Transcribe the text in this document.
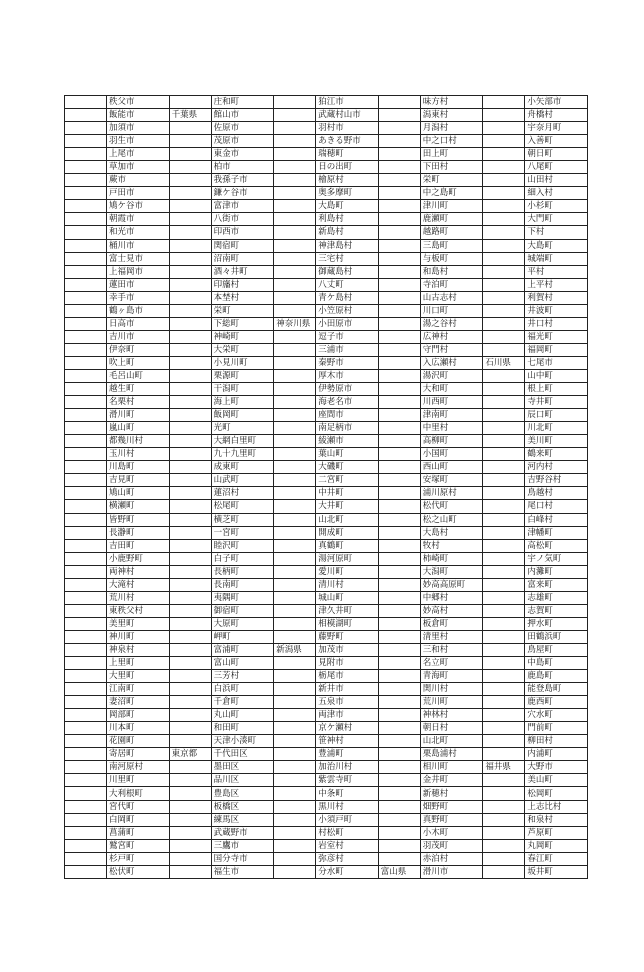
	秩父市		庄和町		狛江市		味方村		小矢部市
	飯能市	千葉県	館山市		武蔵村山市		潟東村		舟橋村
	加須市		佐原市		羽村市		月潟村		宇奈月町
	羽生市		茂原市		あきる野市		中之口村		入善町
	上尾市		東金市		瑞穂町		田上町		朝日町
	草加市		柏市		日の出町		下田村		八尾町
	蕨市		我孫子市		檜原村		栄町		山田村
	戸田市		鎌ケ谷市		奥多摩町		中之島町		細入村
	鳩ケ谷市		富津市		大島町		津川町		小杉町
	朝霞市		八街市		利島村		鹿瀬町		大門町
	和光市		印西市		新島村		越路町		下村
	桶川市		関宿町		神津島村		三島町		大島町
	富士見市		沼南町		三宅村		与板町		城端町
	上福岡市		酒々井町		御蔵島村		和島村		平村
	蓮田市		印旛村		八丈町		寺泊町		上平村
	幸手市		本埜村		青ケ島村		山古志村		利賀村
	鶴ヶ島市		栄町		小笠原村		川口町		井波町
	日高市		下総町	神奈川県	小田原市		湯之谷村		井口村
	吉川市		神崎町		逗子市		広神村		福光町
	伊奈町		大栄町		三浦市		守門村		福岡町
	吹上町		小見川町		秦野市		入広瀬村	石川県	七尾市
	毛呂山町		栗源町		厚木市		湯沢町		山中町
	越生町		干潟町		伊勢原市		大和町		根上町
	名栗村		海上町		海老名市		川西町		寺井町
	滑川町		飯岡町		座間市		津南町		辰口町
	嵐山町		光町		南足柄市		中里村		川北町
	都幾川村		大網白里町		綾瀬市		高柳町		美川町
	玉川村		九十九里町		葉山町		小国町		鶴来町
	川島町		成東町		大磯町		西山町		河内村
	吉見町		山武町		二宮町		安塚町		吉野谷村
	鳩山町		蓮沼村		中井町		浦川原村		鳥越村
	横瀬町		松尾町		大井町		松代町		尾口村
	皆野町		横芝町		山北町		松之山町		白峰村
	長瀞町		一宮町		開成町		大島村		津幡町
	吉田町		睦沢町		真鶴町		牧村		高松町
	小鹿野町		白子町		湯河原町		柿崎町		宇ノ気町
	両神村		長柄町		愛川町		大潟町		内灘町
	大滝村		長南町		清川村		妙高高原町		富来町
	荒川村		夷隅町		城山町		中郷村		志雄町
	東秩父村		御宿町		津久井町		妙高村		志賀町
	美里町		大原町		相模湖町		板倉町		押水町
	神川町		岬町		藤野町		清里村		田鶴浜町
	神泉村		富浦町	新潟県	加茂市		三和村		鳥屋町
	上里町		富山町		見附市		名立町		中島町
	大里町		三芳村		栃尾市		青海町		鹿島町
	江南町		白浜町		新井市		関川村		能登島町
	妻沼町		千倉町		五泉市		荒川町		鹿西町
	岡部町		丸山町		両津市		神林村		穴水町
	川本町		和田町		京ケ瀬村		朝日村		門前町
	花園町		天津小湊町		笹神村		山北町		柳田村
	寄居町	東京都	千代田区		豊浦町		栗島浦村		内浦町
	南河原村		墨田区		加治川村		相川町	福井県	大野市
	川里町		品川区		紫雲寺町		金井町		美山町
	大利根町		豊島区		中条町		新穂村		松岡町
	宮代町		板橋区		黒川村		畑野町		上志比村
	白岡町		練馬区		小須戸町		真野町		和泉村
	菖蒲町		武蔵野市		村松町		小木町		芦原町
	鷲宮町		三鷹市		岩室村		羽茂町		丸岡町
	杉戸町		国分寺市		弥彦村		赤泊村		春江町
	松伏町		福生市		分水町	富山県	滑川市		坂井町
